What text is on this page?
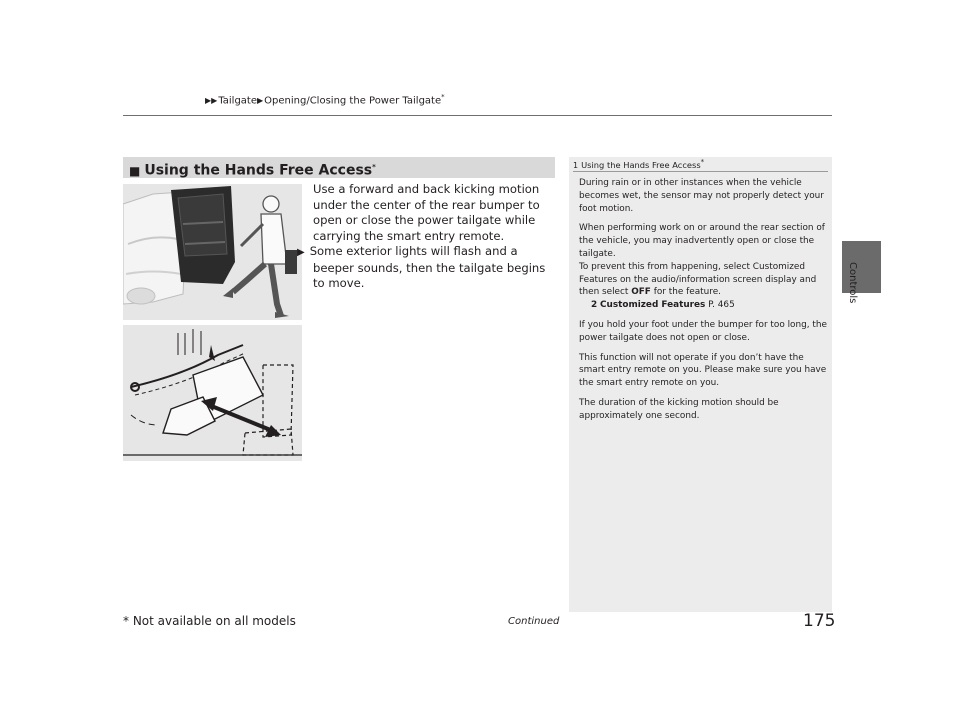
▶▶Tailgate▶Opening/Closing the Power Tailgate*
Controls
■ Using the Hands Free Access*

Use a forward and back kicking motion under the center of the rear bumper to open or close the power tailgate while carrying the smart entry remote.

▶ Some exterior lights will flash and a beeper sounds, then the tailgate begins to move.

1 Using the Hands Free Access*

During rain or in other instances when the vehicle becomes wet, the sensor may not properly detect your foot motion.

When performing work on or around the rear section of the vehicle, you may inadvertently open or close the tailgate.

To prevent this from happening, select Customized Features on the audio/information screen display and then select OFF for the feature.

2 Customized Features P. 465

If you hold your foot under the bumper for too long, the power tailgate does not open or close.

This function will not operate if you don’t have the smart entry remote on you. Please make sure you have the smart entry remote on you.

The duration of the kicking motion should be approximately one second.

Continued	175
* Not available on all models
